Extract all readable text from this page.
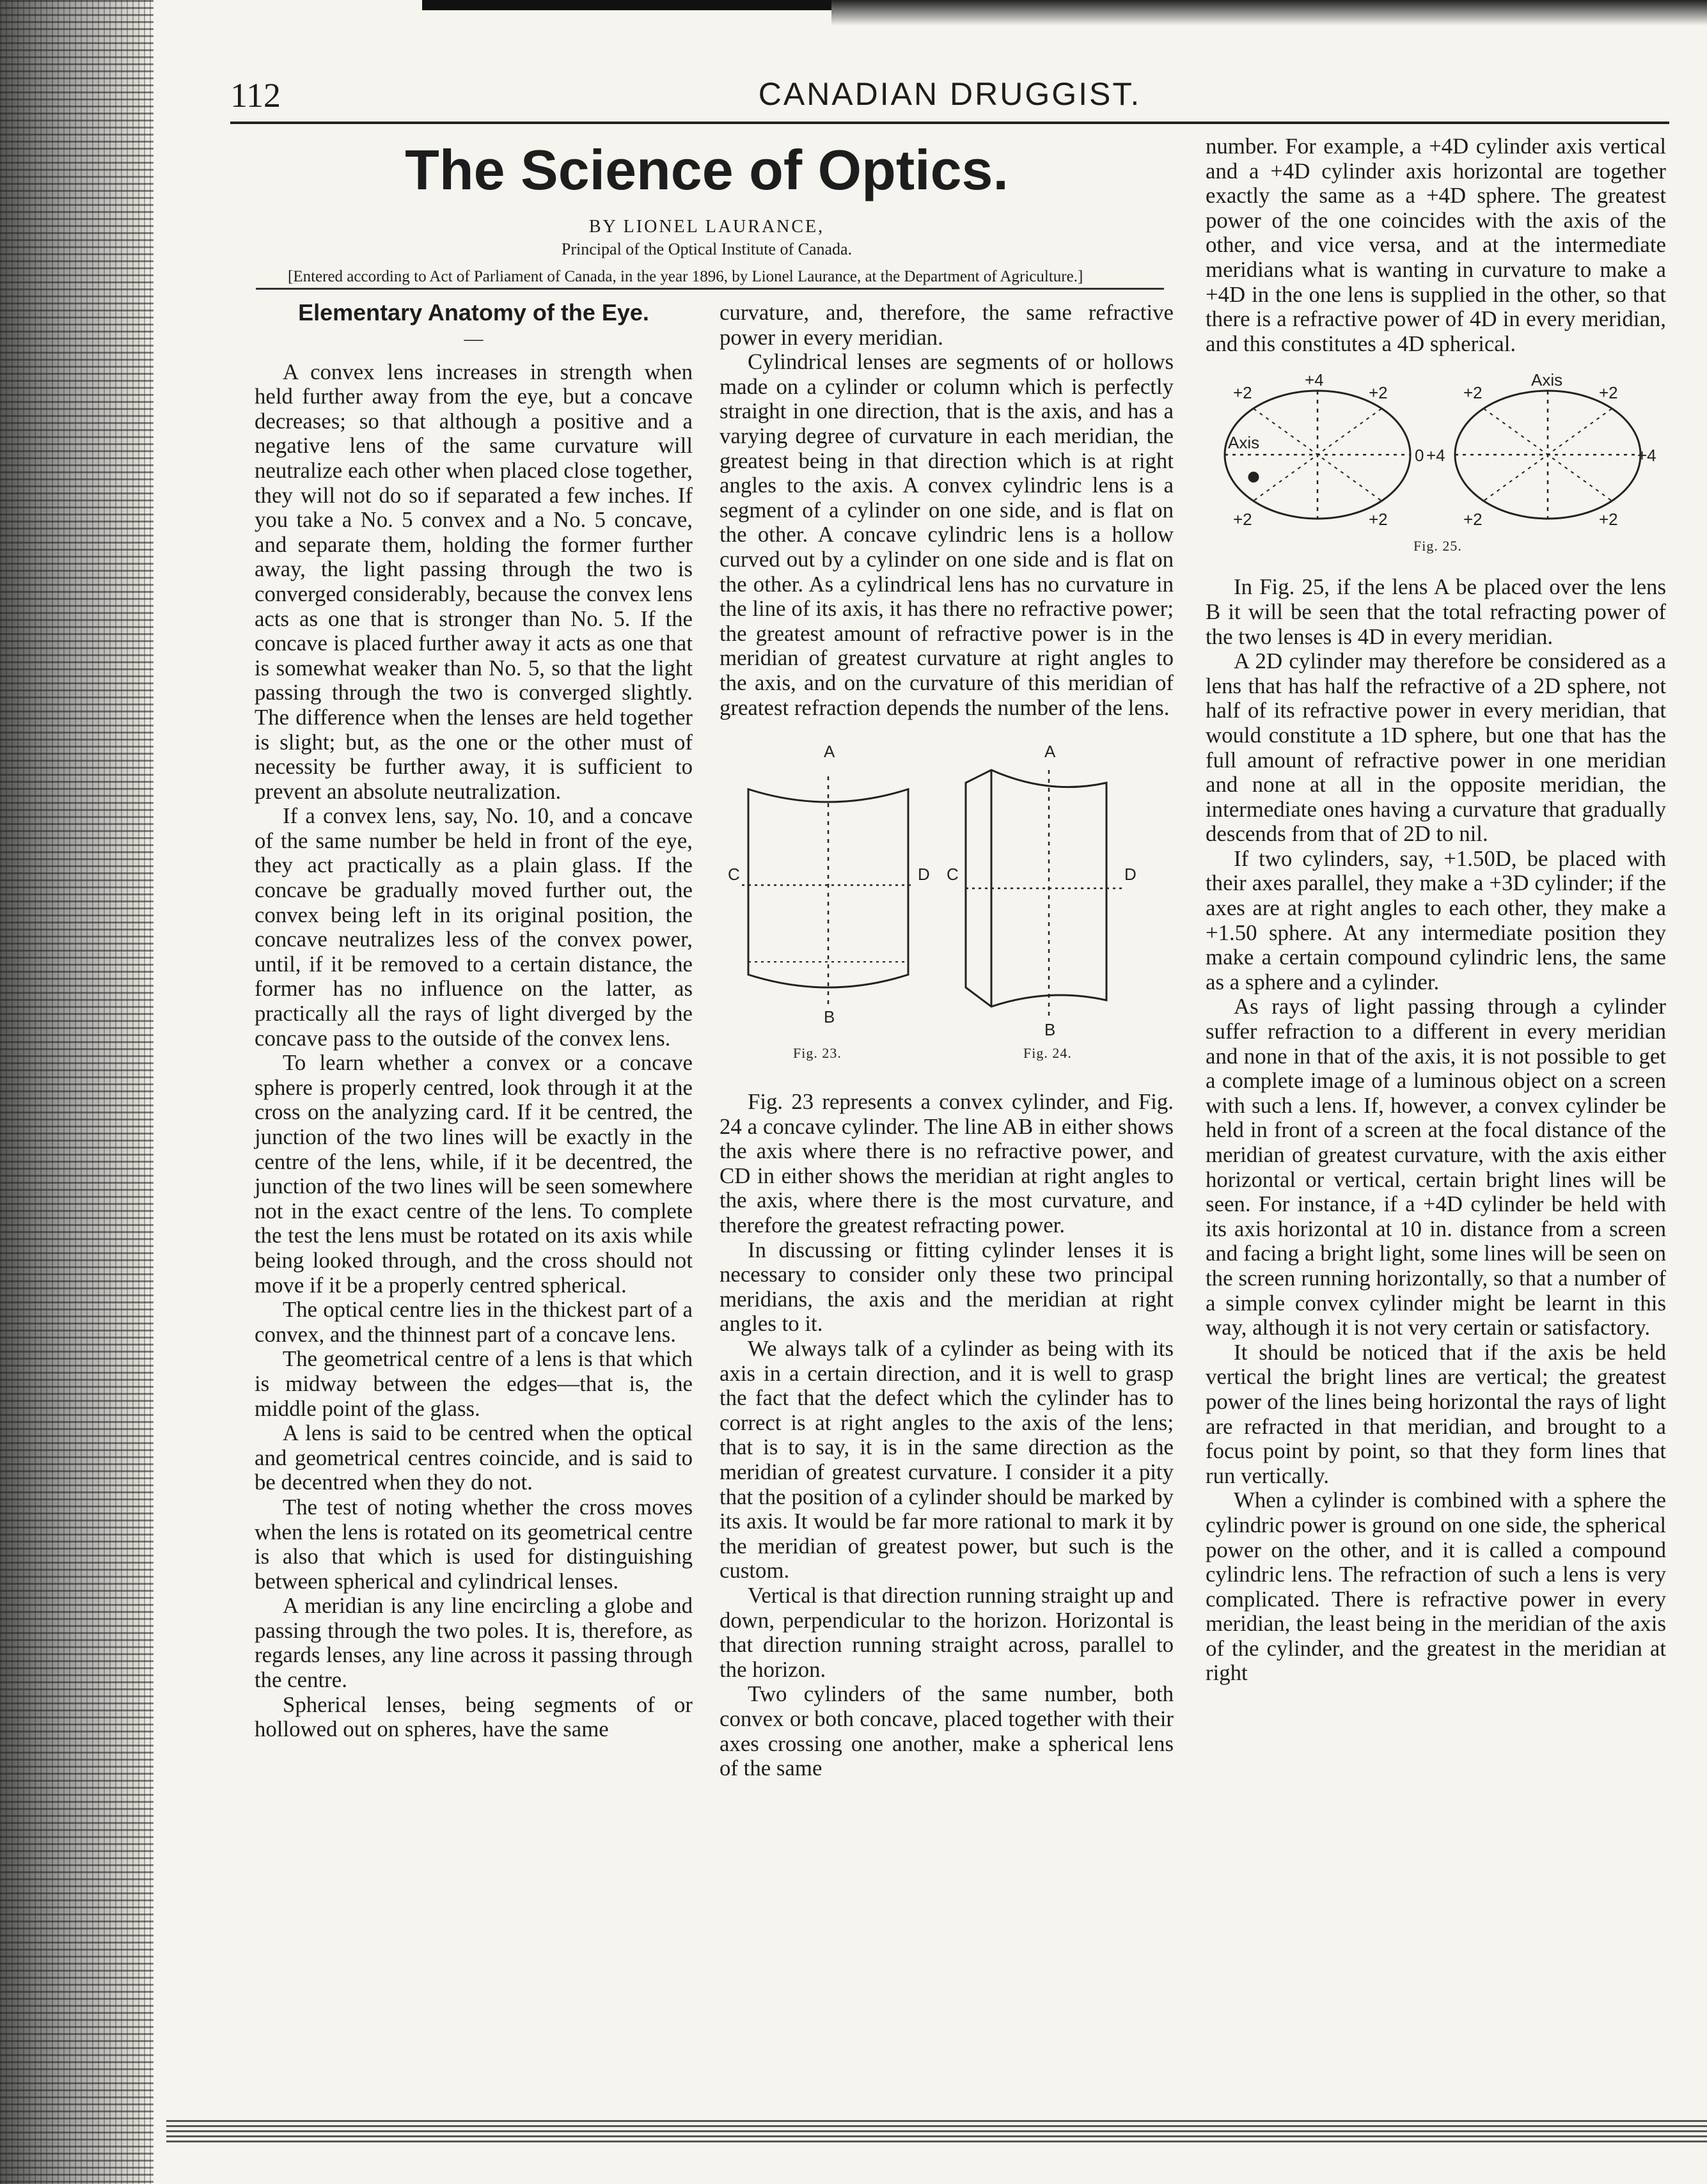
112	CANADIAN DRUGGIST.
The Science of Optics.

BY LIONEL LAURANCE,

Principal of the Optical Institute of Canada.

[Entered according to Act of Parliament of Canada, in the year 1896, by Lionel Laurance, at the Department of Agriculture.]

Elementary Anatomy of the Eye.
—

A convex lens increases in strength when held further away from the eye, but a concave decreases; so that although a positive and a negative lens of the same curvature will neutralize each other when placed close together, they will not do so if separated a few inches. If you take a No. 5 convex and a No. 5 concave, and separate them, holding the former further away, the light passing through the two is converged considerably, because the convex lens acts as one that is stronger than No. 5. If the concave is placed further away it acts as one that is somewhat weaker than No. 5, so that the light passing through the two is converged slightly. The difference when the lenses are held together is slight; but, as the one or the other must of necessity be further away, it is sufficient to prevent an absolute neutralization.

If a convex lens, say, No. 10, and a concave of the same number be held in front of the eye, they act practically as a plain glass. If the concave be gradually moved further out, the convex being left in its original position, the concave neutralizes less of the convex power, until, if it be removed to a certain distance, the former has no influence on the latter, as practically all the rays of light diverged by the concave pass to the outside of the convex lens.

To learn whether a convex or a concave sphere is properly centred, look through it at the cross on the analyzing card. If it be centred, the junction of the two lines will be exactly in the centre of the lens, while, if it be decentred, the junction of the two lines will be seen somewhere not in the exact centre of the lens. To complete the test the lens must be rotated on its axis while being looked through, and the cross should not move if it be a properly centred spherical.

The optical centre lies in the thickest part of a convex, and the thinnest part of a concave lens.

The geometrical centre of a lens is that which is midway between the edges—that is, the middle point of the glass.

A lens is said to be centred when the optical and geometrical centres coincide, and is said to be decentred when they do not.

The test of noting whether the cross moves when the lens is rotated on its geometrical centre is also that which is used for distinguishing between spherical and cylindrical lenses.

A meridian is any line encircling a globe and passing through the two poles. It is, therefore, as regards lenses, any line across it passing through the centre.

Spherical lenses, being segments of or hollowed out on spheres, have the same

curvature, and, therefore, the same refractive power in every meridian.

Cylindrical lenses are segments of or hollows made on a cylinder or column which is perfectly straight in one direction, that is the axis, and has a varying degree of curvature in each meridian, the greatest being in that direction which is at right angles to the axis. A convex cylindric lens is a segment of a cylinder on one side, and is flat on the other. A concave cylindric lens is a hollow curved out by a cylinder on one side and is flat on the other. As a cylindrical lens has no curvature in the line of its axis, it has there no refractive power; the greatest amount of refractive power is in the meridian of greatest curvature at right angles to the axis, and on the curvature of this meridian of greatest refraction depends the number of the lens.

A
C	D
B
A
C	D
B
Fig. 23.	Fig. 24.

Fig. 23 represents a convex cylinder, and Fig. 24 a concave cylinder. The line AB in either shows the axis where there is no refractive power, and CD in either shows the meridian at right angles to the axis, where there is the most curvature, and therefore the greatest refracting power.

In discussing or fitting cylinder lenses it is necessary to consider only these two principal meridians, the axis and the meridian at right angles to it.

We always talk of a cylinder as being with its axis in a certain direction, and it is well to grasp the fact that the defect which the cylinder has to correct is at right angles to the axis of the lens; that is to say, it is in the same direction as the meridian of greatest curvature. I consider it a pity that the position of a cylinder should be marked by its axis. It would be far more rational to mark it by the meridian of greatest power, but such is the custom.

Vertical is that direction running straight up and down, perpendicular to the horizon. Horizontal is that direction running straight across, parallel to the horizon.

Two cylinders of the same number, both convex or both concave, placed together with their axes crossing one another, make a spherical lens of the same

number. For example, a +4D cylinder axis vertical and a +4D cylinder axis horizontal are together exactly the same as a +4D sphere. The greatest power of the one coincides with the axis of the other, and vice versa, and at the intermediate meridians what is wanting in curvature to make a +4D in the one lens is supplied in the other, so that there is a refractive power of 4D in every meridian, and this constitutes a 4D spherical.

+4
+2	+2
Axis
0
+2	+2
Axis
+2	+2
+4	+4
+2	+2
Fig. 25.

In Fig. 25, if the lens A be placed over the lens B it will be seen that the total refracting power of the two lenses is 4D in every meridian.

A 2D cylinder may therefore be considered as a lens that has half the refractive of a 2D sphere, not half of its refractive power in every meridian, that would constitute a 1D sphere, but one that has the full amount of refractive power in one meridian and none at all in the opposite meridian, the intermediate ones having a curvature that gradually descends from that of 2D to nil.

If two cylinders, say, +1.50D, be placed with their axes parallel, they make a +3D cylinder; if the axes are at right angles to each other, they make a +1.50 sphere. At any intermediate position they make a certain compound cylindric lens, the same as a sphere and a cylinder.

As rays of light passing through a cylinder suffer refraction to a different in every meridian and none in that of the axis, it is not possible to get a complete image of a luminous object on a screen with such a lens. If, however, a convex cylinder be held in front of a screen at the focal distance of the meridian of greatest curvature, with the axis either horizontal or vertical, certain bright lines will be seen. For instance, if a +4D cylinder be held with its axis horizontal at 10 in. distance from a screen and facing a bright light, some lines will be seen on the screen running horizontally, so that a number of a simple convex cylinder might be learnt in this way, although it is not very certain or satisfactory.

It should be noticed that if the axis be held vertical the bright lines are vertical; the greatest power of the lines being horizontal the rays of light are refracted in that meridian, and brought to a focus point by point, so that they form lines that run vertically.

When a cylinder is combined with a sphere the cylindric power is ground on one side, the spherical power on the other, and it is called a compound cylindric lens. The refraction of such a lens is very complicated. There is refractive power in every meridian, the least being in the meridian of the axis of the cylinder, and the greatest in the meridian at right
